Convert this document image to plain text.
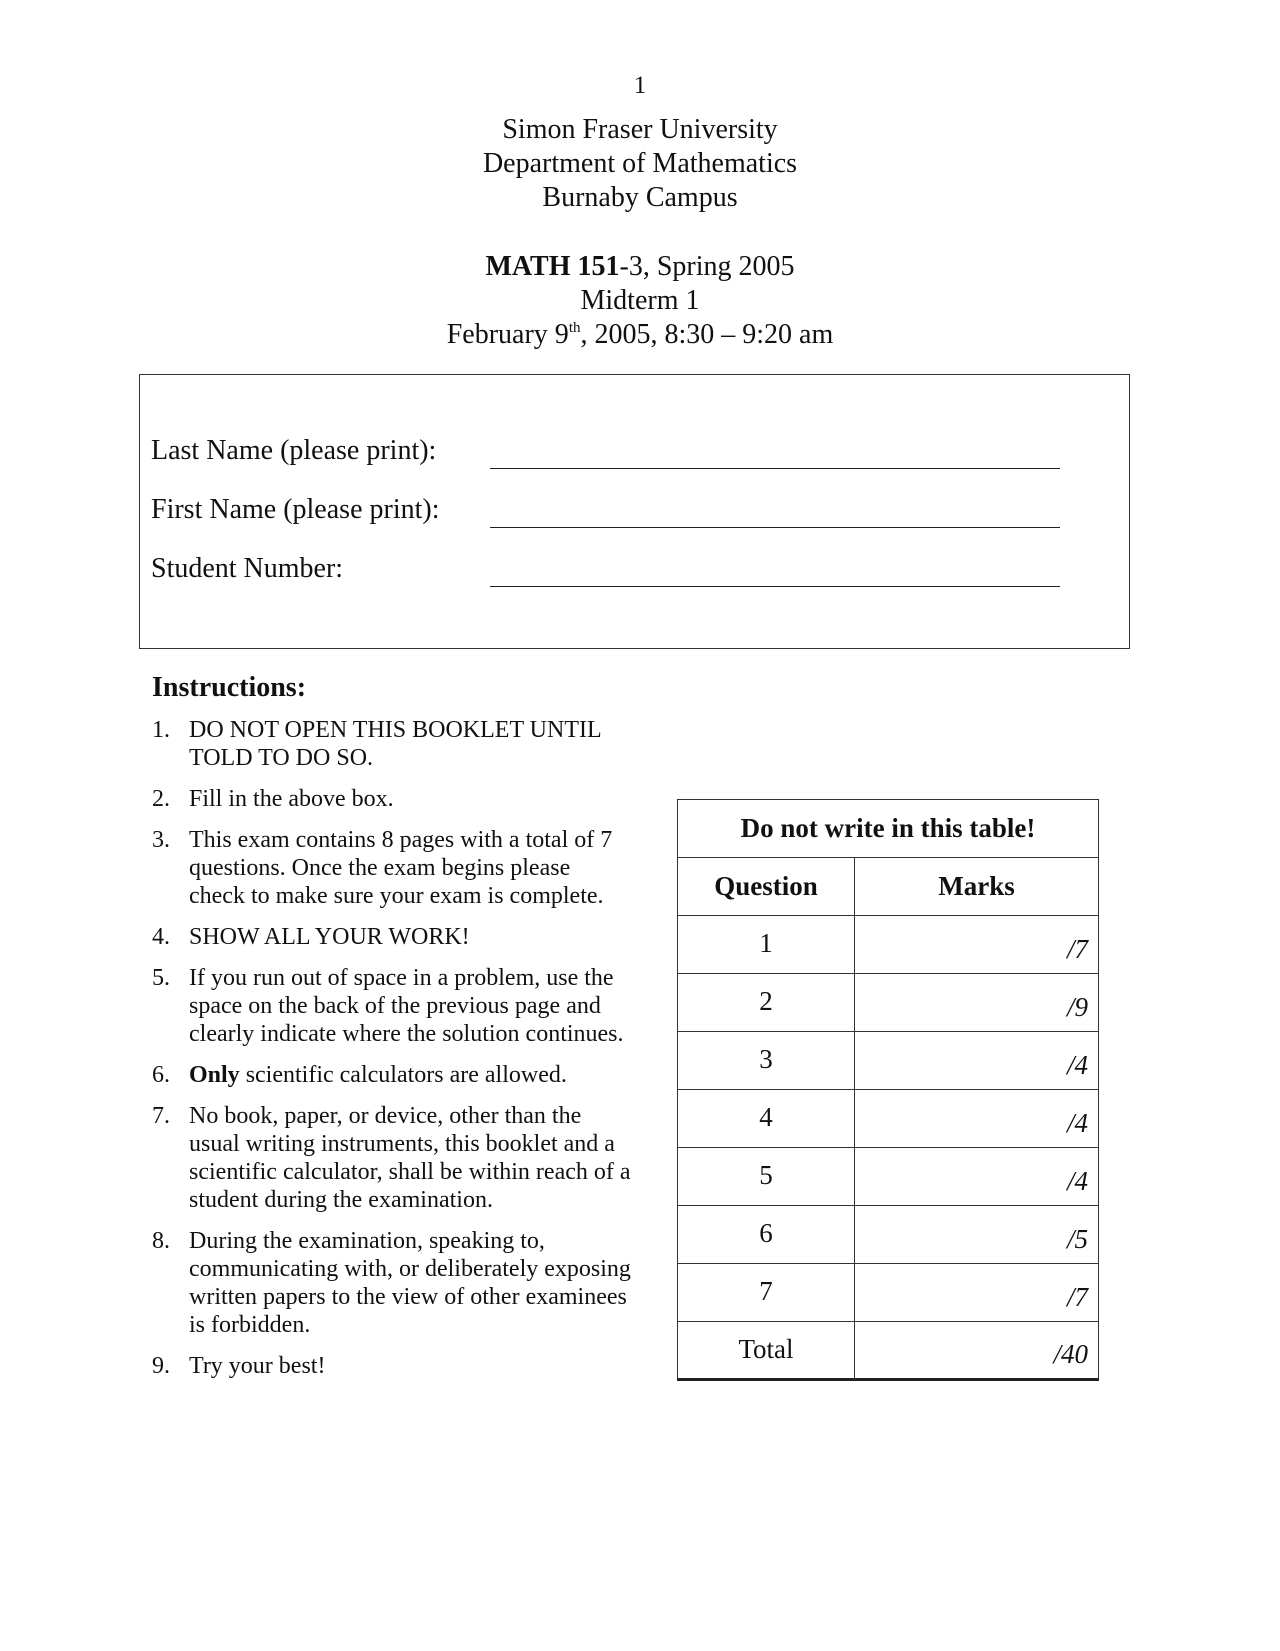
1
Simon Fraser University
Department of Mathematics
Burnaby Campus
MATH 151-3, Spring 2005
Midterm 1
February 9th, 2005, 8:30 – 9:20 am
Last Name (please print):
First Name (please print):
Student Number:
Instructions:
1. DO NOT OPEN THIS BOOKLET UNTIL TOLD TO DO SO.
2. Fill in the above box.
3. This exam contains 8 pages with a total of 7 questions. Once the exam begins please check to make sure your exam is complete.
4. SHOW ALL YOUR WORK!
5. If you run out of space in a problem, use the space on the back of the previous page and clearly indicate where the solution continues.
6. Only scientific calculators are allowed.
7. No book, paper, or device, other than the usual writing instruments, this booklet and a scientific calculator, shall be within reach of a student during the examination.
8. During the examination, speaking to, communicating with, or deliberately exposing written papers to the view of other examinees is forbidden.
9. Try your best!
Do not write in this table!	
Question	Marks
1	/7
2	/9
3	/4
4	/4
5	/4
6	/5
7	/7
Total	/40
